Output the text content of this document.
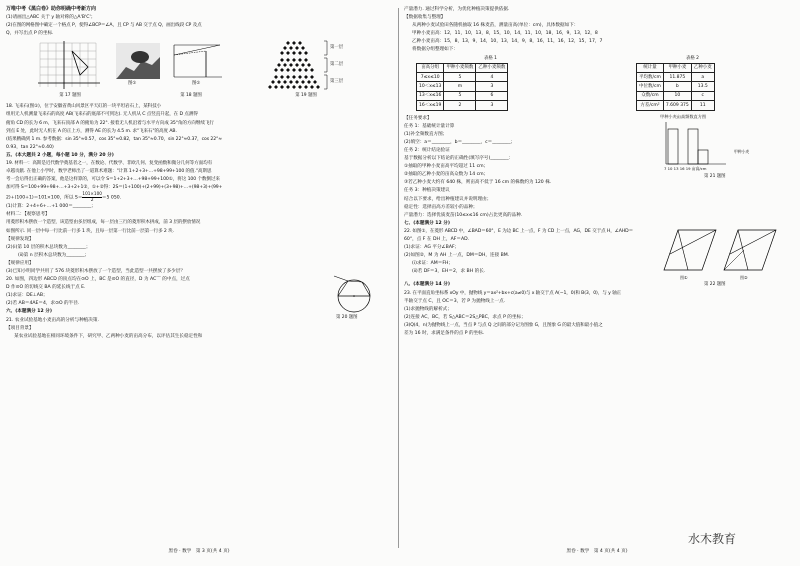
万唯中考《黑白卷》助你明确中考新方向
(1)请画出△ABC 关于 y 轴对称的△A'B'C'；
(2)在图的网格图中确定一个格点 P，使得∠BCP＝∠A，且 CP 与 AB 交于点 Q，画出线段 CP 及点
Q，并写出点 P 的坐标.
第 17 题图
图①	图②
第 18 题图
第一层
第二层
第三层
第 19 题图
18. 飞来石(图①)，位于安徽省黄山风景区平天矼的一块平坦岩石上，某科技小
组用无人机测量飞来石的高度 AB(飞来石的底部不可到达). 无人机从 C 点竖直升起，在 D 点测得
俯角 CD 的长为 6 m，飞来石顶部 A 的俯角为 22°. 接着无人机沿着与水平方向成 35°角的方向继续飞行
到点 E 处，此时无人机在 A 的正上方，测得 AE 的长为 4.5 m. 求"飞来石"的高度 AB.
(结果精确到 1 m. 参考数据：sin 35°≈0.57，cos 35°≈0.82，tan 35°≈0.70，sin 22°≈0.37，cos 22°≈
0.93，tan 22°≈0.40)
五、(本大题共 2 小题，每小题 10 分，满分 20 分)
19. 材料一：高斯是近代数学奠基者之一，在数论、代数学、非欧几何、复变函数和微分几何等方面均有
卓越贡献. 在他上小学时，数学老师出了一道算术难题："计算 1+2+3+…+98+99+100 的值."高斯思
考一会后得出正确的答案，他是这样算的，可以令 S＝1+2+3+…+98+99+100①，将这 100 个数倒过来
加可得 S＝100+99+98+…+3+2+1②，①+②得：2S＝(1+100)+(2+99)+(3+98)+…+(98+3)+(99+
2)+(100+1)＝101×100，所以 $S= \frac{101\times 100}{2} =5$ 050.
(1)计算：2+4+6+…+1 000＝________；
材料二：【观察思考】
用菱形积木摆放一个造型，该造型由多层组成，每一层由三行的菱形积木拼成，前 3 层的摆放情况
如图所示. 同一层中每一行比前一行多 1 块，且每一层第一行比前一层第一行多 2 块.
【规律发现】
(2)(ⅰ)第 10 层的积木总块数为________；
(ⅱ)第 n 层积木总块数为________；
【规律应用】
(3)已知小明同学共用了 576 块菱形积木摆放了一个造型，当此造型一共摆放了多少层？
20. 如图，四边形 ABCD 的顶点均在⊙O 上，BC 是⊙O 的直径，D 为 AC⌒ 的中点，过点
D 作⊙O 的切线交 BA 的延长线于点 E.
(1)求证：DE⊥AB；
(2)若 AB＝4AE＝4，求⊙O 的半径.
第 20 题图
六、(本题满分 12 分)
21. 农业试验基地小麦亩高的分析与种植决策.
【项目背景】
某农业试验基地在相同环境条件下，研究甲、乙两种小麦的亩高分布，以评估其生长稳定性和
黑卷 · 数学　第 3 页(共 4 页)
产量潜力. 通过科学分析，为优化种植决策提供依据.
【数据收集与整理】
从两种小麦试验田各随机抽取 16 株麦苗，测量亩高(单位：cm)，具体数据如下：
甲种小麦亩高：12，11，10，13，8，15，10，14，11，10，18，16，9，13，12，8
乙种小麦亩高：15，8，13，9，14，10，13，14，9，8，16，11，16，12，15，17，7
将数据分组整理如下：
表格 1	表格 2
亩高分组	甲种小麦频数	乙种小麦频数
7≤x≤10	5	4
10＜x≤13	m	3
13＜x≤16	5	6
16＜x≤19	2	3
统计量	甲种小麦	乙种小麦
平均数/cm	11.875	a
中位数/cm	b	13.5
众数/cm	10	c
方差/cm²	7.609 375	11
【任务要求】
任务 1：基础统计量计算
(1)补全频数直方图；
(2)填空：a＝________，b＝________，c＝________；
任务 2：统计结论验证
基于数据分析以下结论的正确性(填写序号)________：
①抽取的甲种小麦亩高平均超过 11 cm；
②抽取的乙种小麦的亩高众数为 14 cm；
③若乙种小麦大约有 640 株，则亩高不低于 16 cm 的株数约为 120 株.
任务 3：种植决策建议
结合以下要求，给出种植建议并说明理由；
稳定性：选择亩高方差较小的品种；
产量潜力：选择优质麦苗(10≤x≤16 cm)占比更高的品种.
甲种小麦亩高频数直方图
7 10 13 16 19 亩高/cm
甲种小麦
第 21 题图
七、(本题满分 12 分)
22. 如图①，在菱形 ABCD 中，∠BAD＝60°，E 为边 BC 上一点，F 为 CD 上一点，AG，DE 交于点 H，∠AHD＝
60°，点 F 在 DH 上，AF＝AD.
(1)求证：AG 平分∠BAF；
(2)如图②，M 为 AH 上一点，DM＝DH，连接 BM.
(ⅰ)求证：AM＝FH；
(ⅱ)若 DF＝3，EH＝2，求 BH 的长.
图①	图②
第 22 题图
八、(本题满分 14 分)
23. 在平面直角坐标系 xOy 中，抛物线 y＝ax²+bx+c(a≠0)与 x 轴交于点 A(−1，0)和 B(3，0)，与 y 轴正
半轴交于点 C，且 OC＝3，若 P 为抛物线上一点.
(1)求抛物线的解析式；
(2)连接 AC，BC，若 S△ABC＝2S△PBC，求点 P 的坐标；
(3)Q(4，n)为抛物线上一点，当点 P 与点 Q 之间的部分记为图象 G，且图象 G 的最大值和最小值之
差为 16 时，求满足条件的点 P 的坐标.
黑卷 · 数学　第 4 页(共 4 页)
水木教育
